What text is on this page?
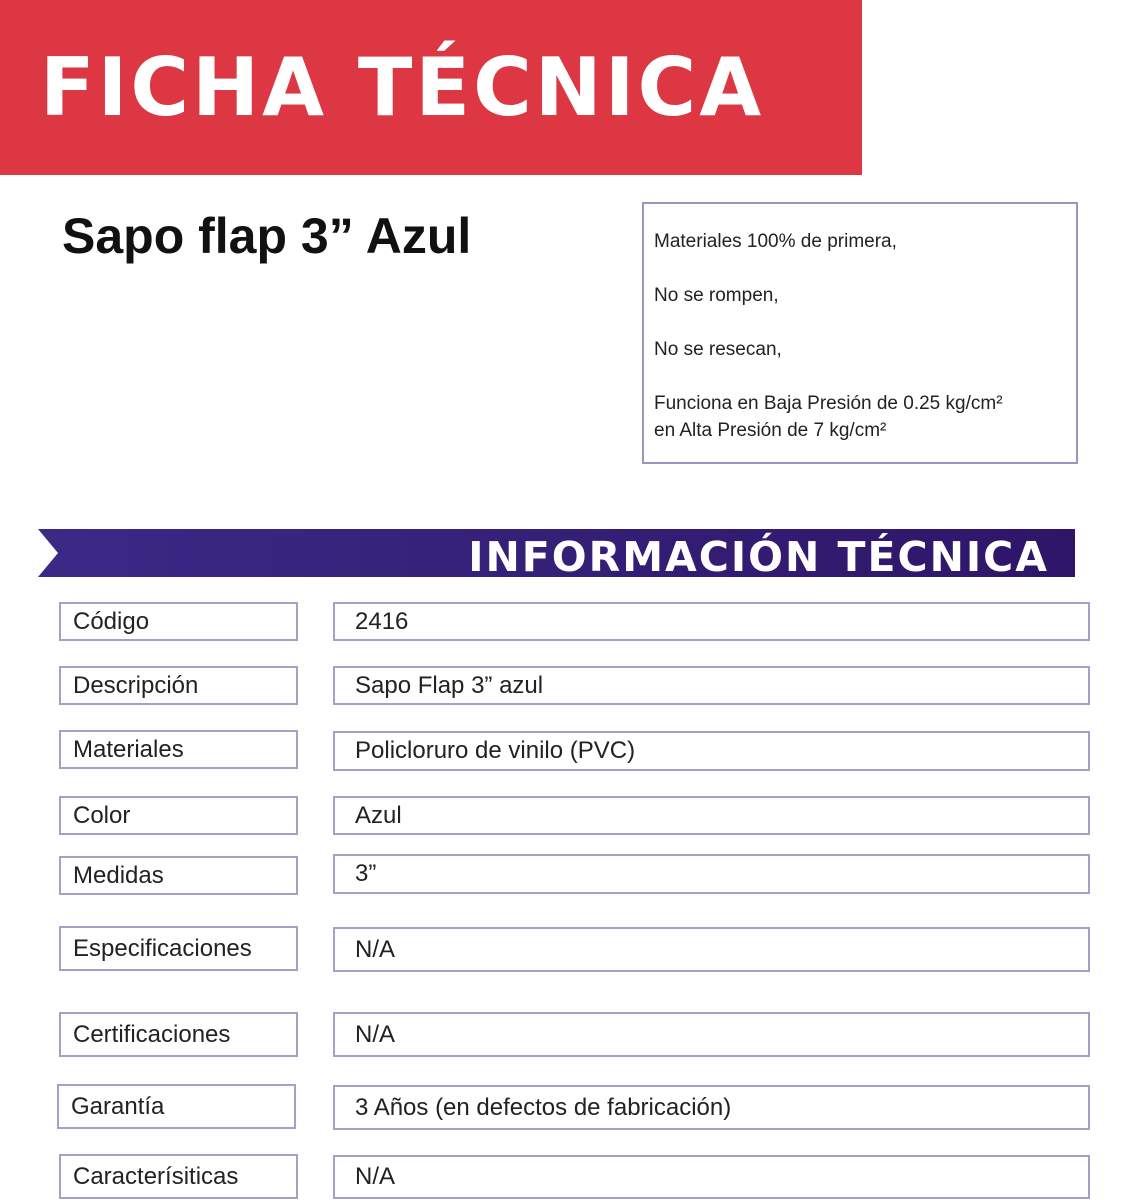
FICHA TÉCNICA
Sapo flap 3” Azul	Materiales 100% de primera,

No se rompen,

No se resecan,

Funciona en Baja Presión de 0.25 kg/cm²
en Alta Presión de 7 kg/cm²

INFORMACIÓN TÉCNICA
Código	2416
Descripción	Sapo Flap 3” azul
Materiales	Policloruro de vinilo (PVC)
Color	Azul
Medidas	3”
Especificaciones	N/A
Certificaciones	N/A
Garantía	3 Años (en defectos de fabricación)
Caracterísiticas	N/A
